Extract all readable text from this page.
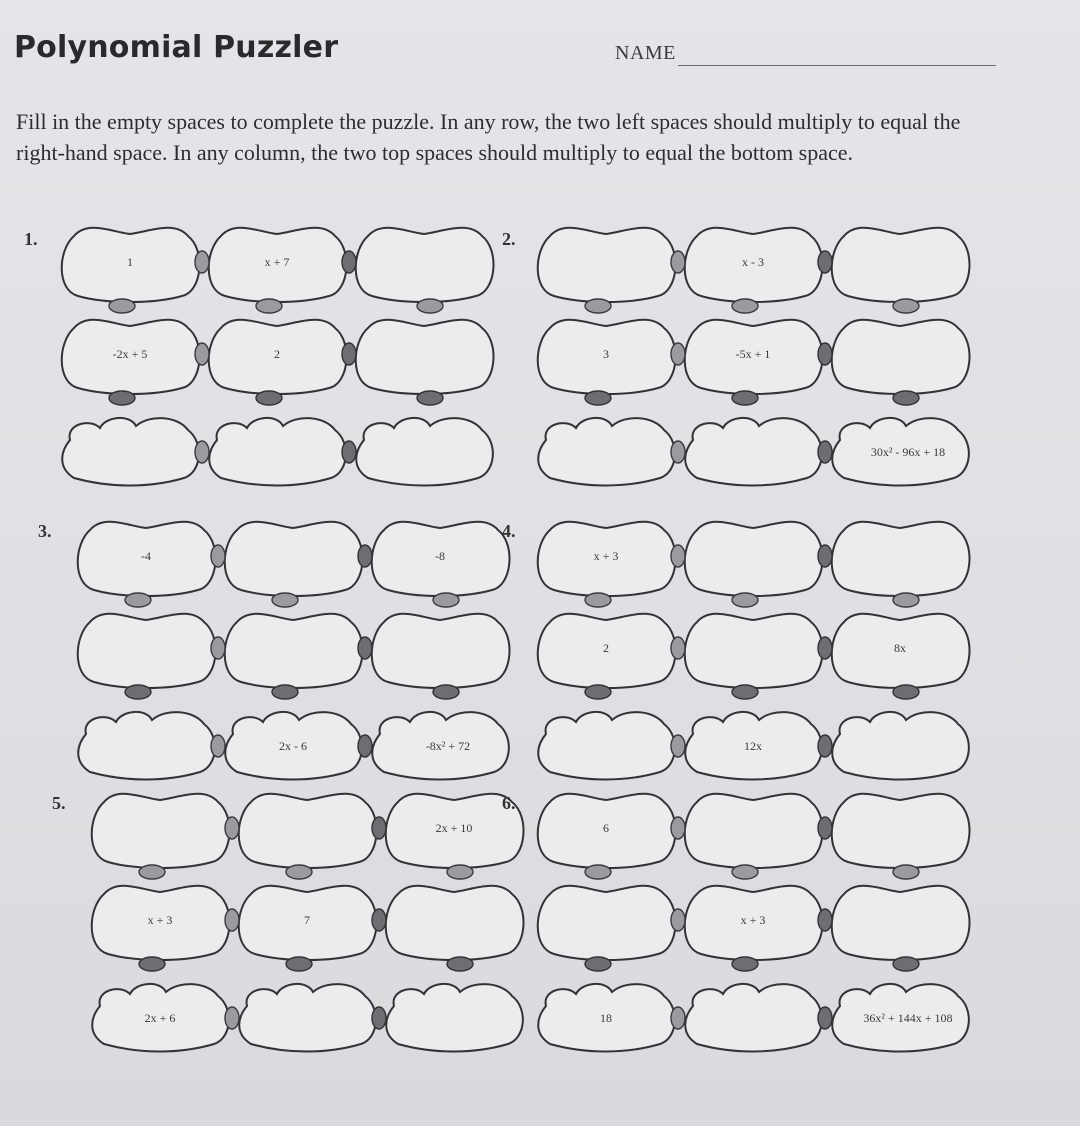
Polynomial Puzzler	NAME
Fill in the empty spaces to complete the puzzle. In any row, the two left spaces should multiply to equal the right-hand space. In any column, the two top spaces should multiply to equal the bottom space.
1.
2
-2x + 5
x + 7
1
2.
30x² - 96x + 18
-5x + 1
3
x - 3
3.
-8x² + 72
2x - 6
-8
-4
4.
12x
8x
2
x + 3
5.
2x + 6
7
x + 3
2x + 10
6.
36x² + 144x + 108
18
x + 3
6
